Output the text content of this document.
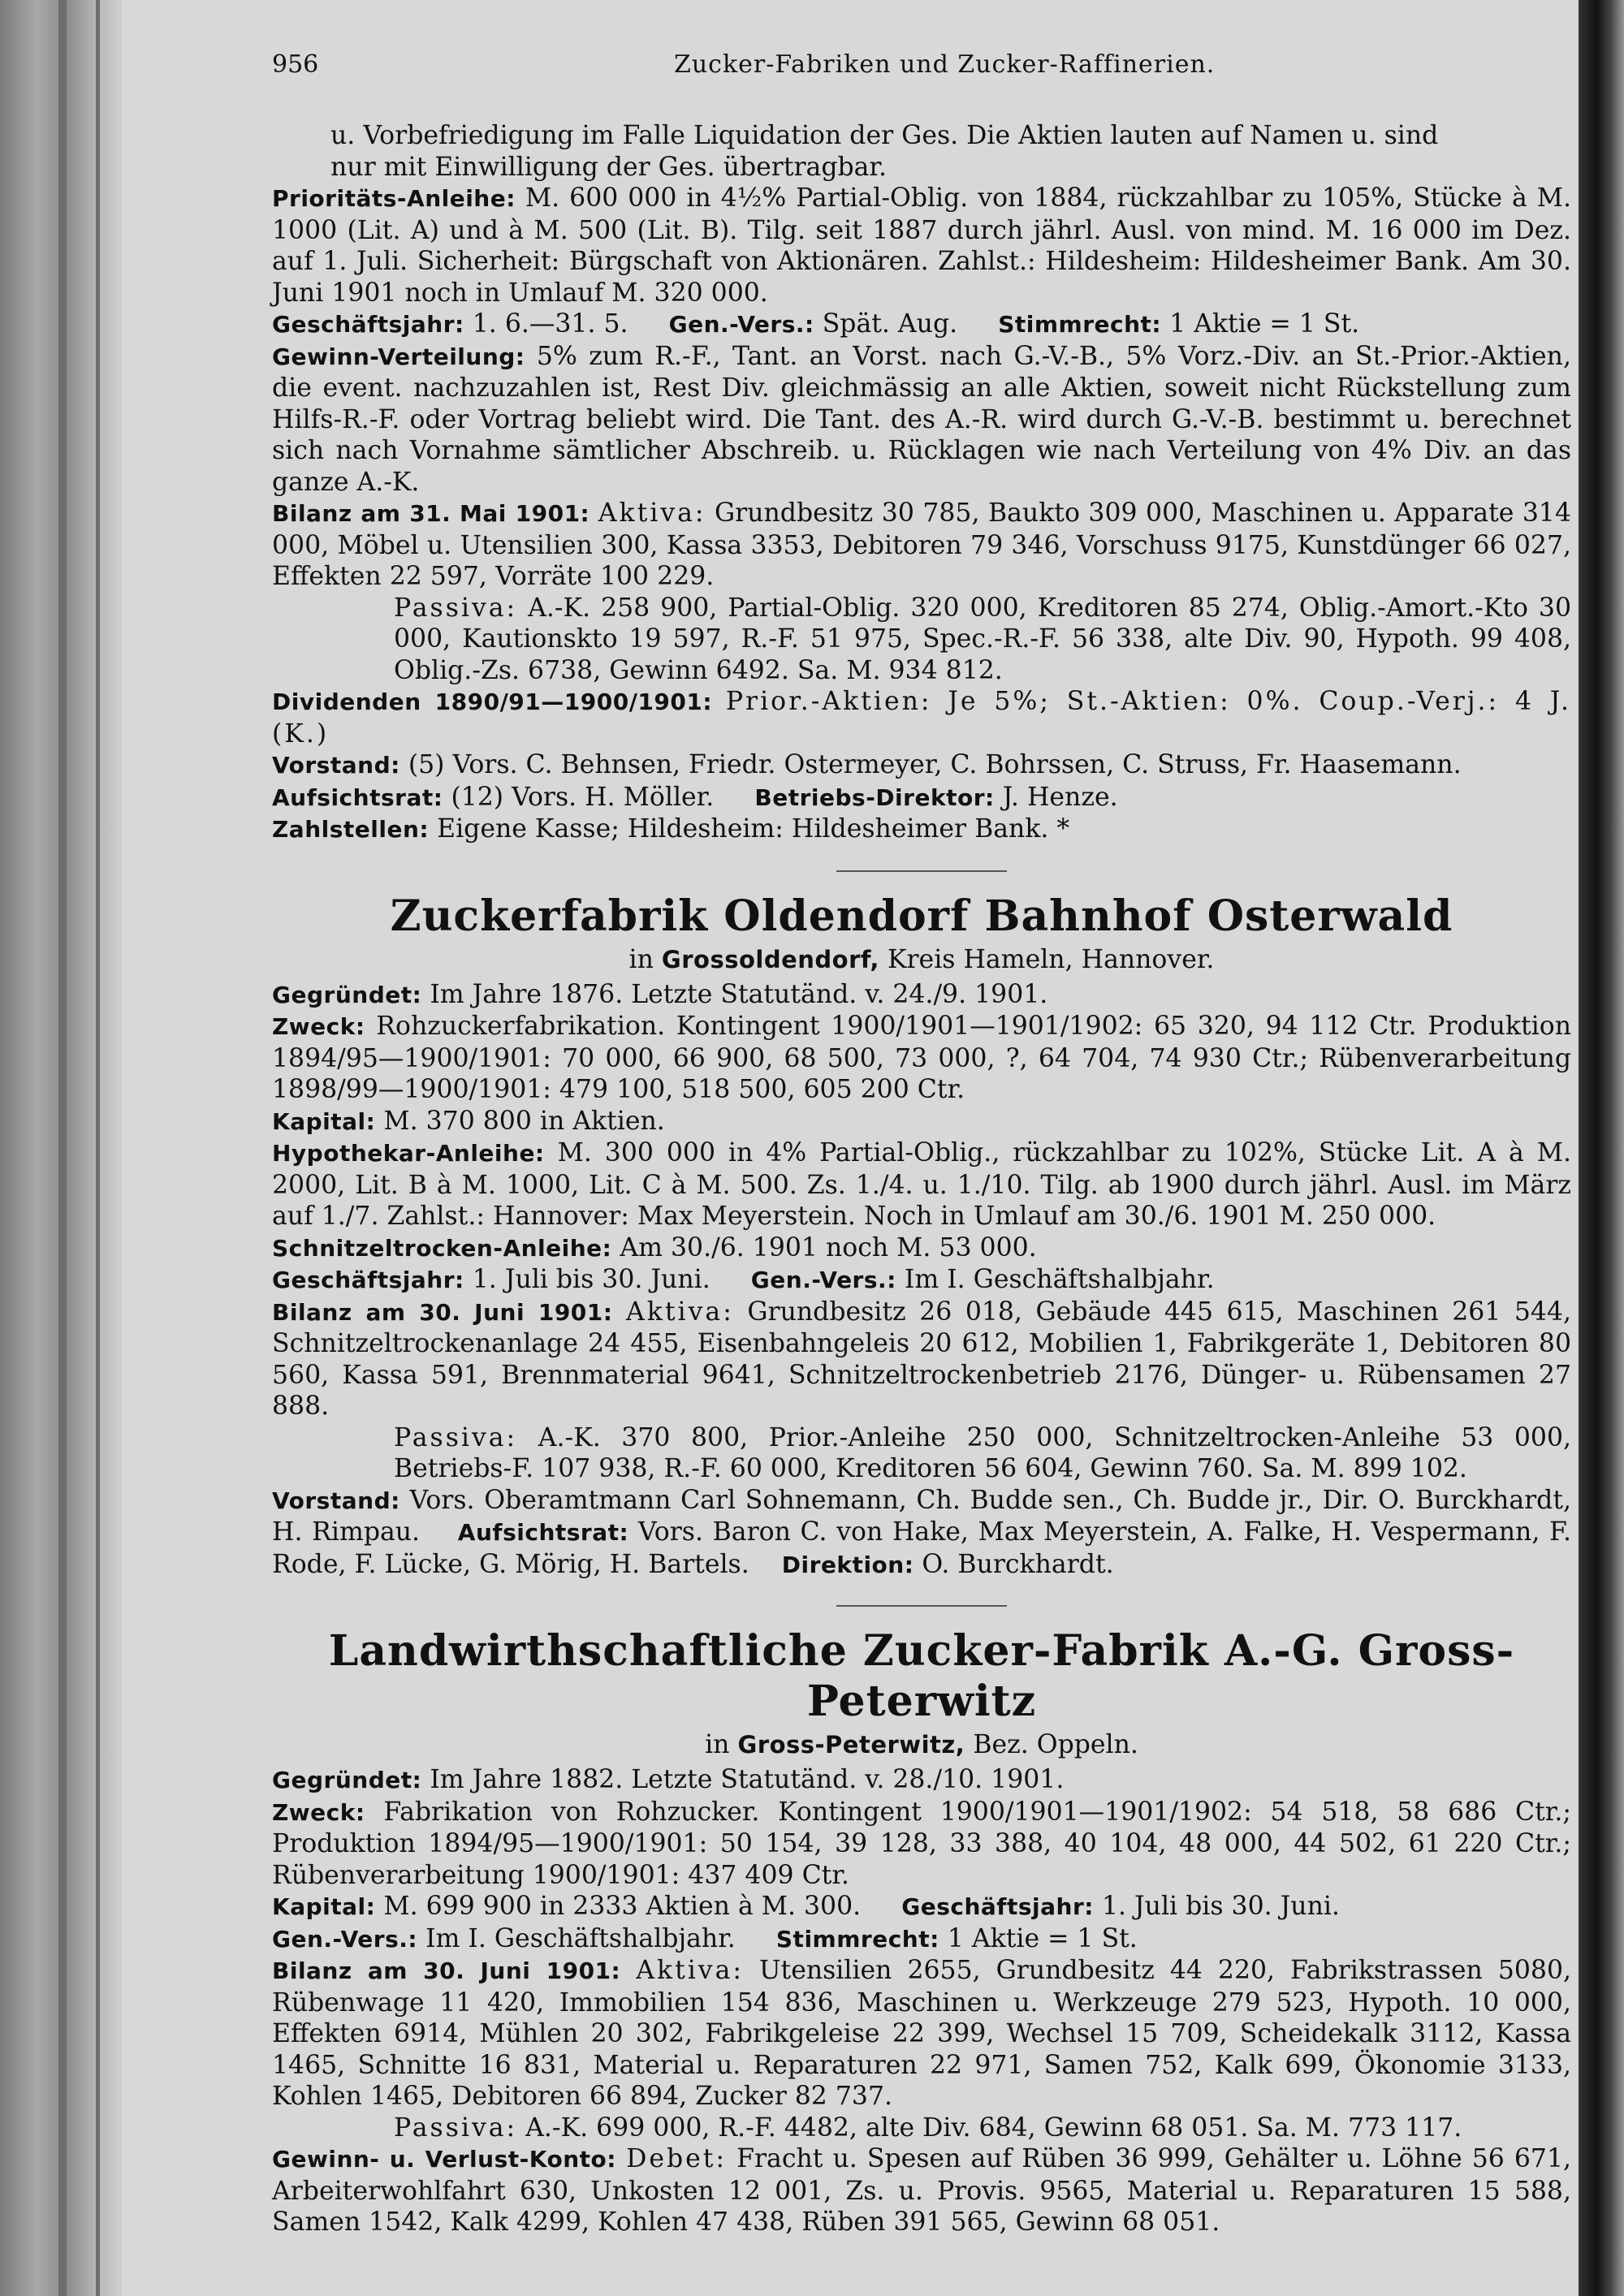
956	Zucker-Fabriken und Zucker-Raffinerien.

u. Vorbefriedigung im Falle Liquidation der Ges. Die Aktien lauten auf Namen u. sind

nur mit Einwilligung der Ges. übertragbar.

Prioritäts-Anleihe: M. 600 000 in 4½% Partial-Oblig. von 1884, rückzahlbar zu 105%, Stücke à M. 1000 (Lit. A) und à M. 500 (Lit. B). Tilg. seit 1887 durch jährl. Ausl. von mind. M. 16 000 im Dez. auf 1. Juli. Sicherheit: Bürgschaft von Aktionären. Zahlst.: Hildesheim: Hildesheimer Bank. Am 30. Juni 1901 noch in Umlauf M. 320 000.

Geschäftsjahr: 1. 6.—31. 5. Gen.-Vers.: Spät. Aug. Stimmrecht: 1 Aktie = 1 St.

Gewinn-Verteilung: 5% zum R.-F., Tant. an Vorst. nach G.-V.-B., 5% Vorz.-Div. an St.-Prior.-Aktien, die event. nachzuzahlen ist, Rest Div. gleichmässig an alle Aktien, soweit nicht Rückstellung zum Hilfs-R.-F. oder Vortrag beliebt wird. Die Tant. des A.-R. wird durch G.-V.-B. bestimmt u. berechnet sich nach Vornahme sämtlicher Abschreib. u. Rücklagen wie nach Verteilung von 4% Div. an das ganze A.-K.

Bilanz am 31. Mai 1901: Aktiva: Grundbesitz 30 785, Baukto 309 000, Maschinen u. Apparate 314 000, Möbel u. Utensilien 300, Kassa 3353, Debitoren 79 346, Vorschuss 9175, Kunstdünger 66 027, Effekten 22 597, Vorräte 100 229.

Passiva: A.-K. 258 900, Partial-Oblig. 320 000, Kreditoren 85 274, Oblig.-Amort.-Kto 30 000, Kautionskto 19 597, R.-F. 51 975, Spec.-R.-F. 56 338, alte Div. 90, Hypoth. 99 408, Oblig.-Zs. 6738, Gewinn 6492. Sa. M. 934 812.

Dividenden 1890/91—1900/1901: Prior.-Aktien: Je 5%; St.-Aktien: 0%. Coup.-Verj.: 4 J. (K.)

Vorstand: (5) Vors. C. Behnsen, Friedr. Ostermeyer, C. Bohrssen, C. Struss, Fr. Haasemann.

Aufsichtsrat: (12) Vors. H. Möller. Betriebs-Direktor: J. Henze.

Zahlstellen: Eigene Kasse; Hildesheim: Hildesheimer Bank. *

Zuckerfabrik Oldendorf Bahnhof Osterwald
in Grossoldendorf, Kreis Hameln, Hannover.

Gegründet: Im Jahre 1876. Letzte Statutänd. v. 24./9. 1901.

Zweck: Rohzuckerfabrikation. Kontingent 1900/1901—1901/1902: 65 320, 94 112 Ctr. Produktion 1894/95—1900/1901: 70 000, 66 900, 68 500, 73 000, ?, 64 704, 74 930 Ctr.; Rübenverarbeitung 1898/99—1900/1901: 479 100, 518 500, 605 200 Ctr.

Kapital: M. 370 800 in Aktien.

Hypothekar-Anleihe: M. 300 000 in 4% Partial-Oblig., rückzahlbar zu 102%, Stücke Lit. A à M. 2000, Lit. B à M. 1000, Lit. C à M. 500. Zs. 1./4. u. 1./10. Tilg. ab 1900 durch jährl. Ausl. im März auf 1./7. Zahlst.: Hannover: Max Meyerstein. Noch in Umlauf am 30./6. 1901 M. 250 000.

Schnitzeltrocken-Anleihe: Am 30./6. 1901 noch M. 53 000.

Geschäftsjahr: 1. Juli bis 30. Juni. Gen.-Vers.: Im I. Geschäftshalbjahr.

Bilanz am 30. Juni 1901: Aktiva: Grundbesitz 26 018, Gebäude 445 615, Maschinen 261 544, Schnitzeltrockenanlage 24 455, Eisenbahngeleis 20 612, Mobilien 1, Fabrikgeräte 1, Debitoren 80 560, Kassa 591, Brennmaterial 9641, Schnitzeltrockenbetrieb 2176, Dünger- u. Rübensamen 27 888.

Passiva: A.-K. 370 800, Prior.-Anleihe 250 000, Schnitzeltrocken-Anleihe 53 000, Betriebs-F. 107 938, R.-F. 60 000, Kreditoren 56 604, Gewinn 760. Sa. M. 899 102.

Vorstand: Vors. Oberamtmann Carl Sohnemann, Ch. Budde sen., Ch. Budde jr., Dir. O. Burckhardt, H. Rimpau. Aufsichtsrat: Vors. Baron C. von Hake, Max Meyerstein, A. Falke, H. Vespermann, F. Rode, F. Lücke, G. Mörig, H. Bartels. Direktion: O. Burckhardt.

Landwirthschaftliche Zucker-Fabrik A.-G. Gross-Peterwitz
in Gross-Peterwitz, Bez. Oppeln.

Gegründet: Im Jahre 1882. Letzte Statutänd. v. 28./10. 1901.

Zweck: Fabrikation von Rohzucker. Kontingent 1900/1901—1901/1902: 54 518, 58 686 Ctr.; Produktion 1894/95—1900/1901: 50 154, 39 128, 33 388, 40 104, 48 000, 44 502, 61 220 Ctr.; Rübenverarbeitung 1900/1901: 437 409 Ctr.

Kapital: M. 699 900 in 2333 Aktien à M. 300. Geschäftsjahr: 1. Juli bis 30. Juni.

Gen.-Vers.: Im I. Geschäftshalbjahr. Stimmrecht: 1 Aktie = 1 St.

Bilanz am 30. Juni 1901: Aktiva: Utensilien 2655, Grundbesitz 44 220, Fabrikstrassen 5080, Rübenwage 11 420, Immobilien 154 836, Maschinen u. Werkzeuge 279 523, Hypoth. 10 000, Effekten 6914, Mühlen 20 302, Fabrikgeleise 22 399, Wechsel 15 709, Scheidekalk 3112, Kassa 1465, Schnitte 16 831, Material u. Reparaturen 22 971, Samen 752, Kalk 699, Ökonomie 3133, Kohlen 1465, Debitoren 66 894, Zucker 82 737.

Passiva: A.-K. 699 000, R.-F. 4482, alte Div. 684, Gewinn 68 051. Sa. M. 773 117.

Gewinn- u. Verlust-Konto: Debet: Fracht u. Spesen auf Rüben 36 999, Gehälter u. Löhne 56 671, Arbeiterwohlfahrt 630, Unkosten 12 001, Zs. u. Provis. 9565, Material u. Reparaturen 15 588, Samen 1542, Kalk 4299, Kohlen 47 438, Rüben 391 565, Gewinn 68 051.
